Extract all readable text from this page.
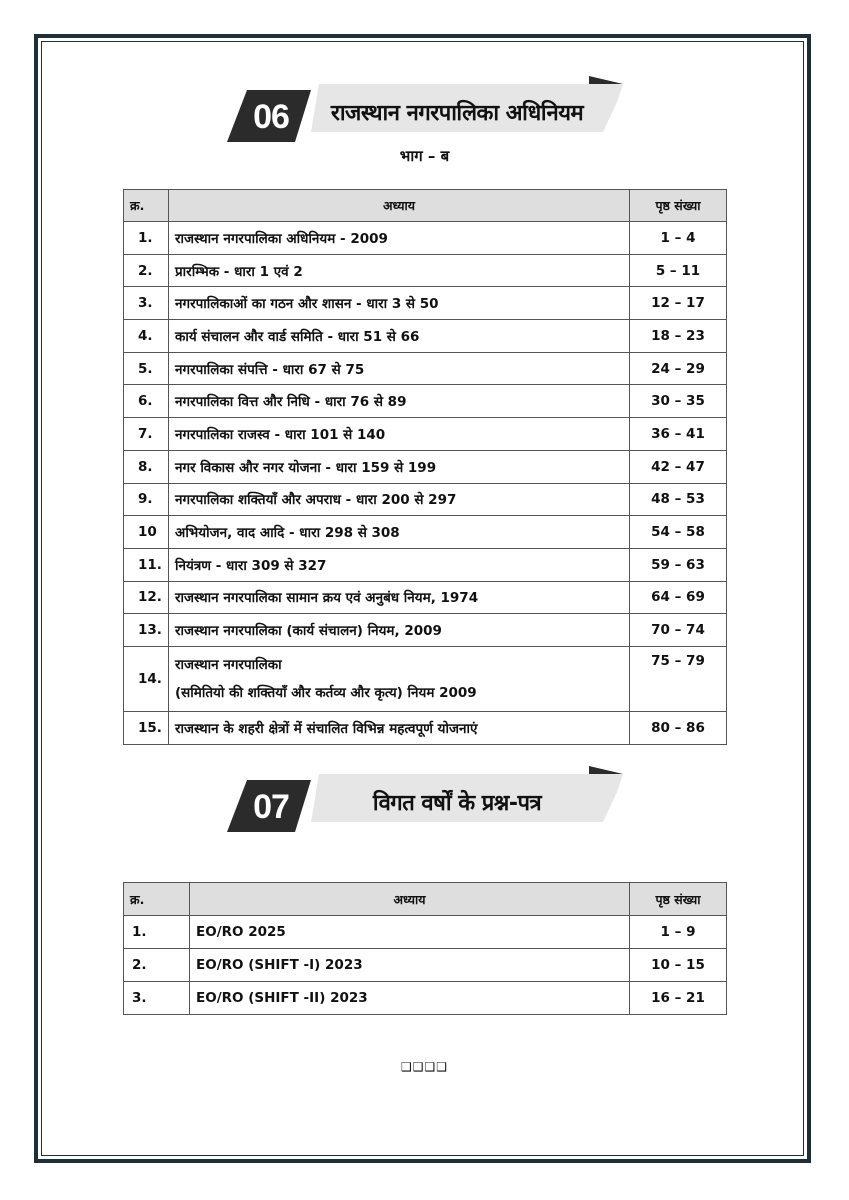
06	राजस्थान नगरपालिका अधिनियम
भाग – ब
क्र.	अध्याय	पृष्ठ संख्या
1.	राजस्थान नगरपालिका अधिनियम - 2009	1 – 4
2.	प्रारम्भिक - धारा 1 एवं 2	5 – 11
3.	नगरपालिकाओं का गठन और शासन - धारा 3 से 50	12 – 17
4.	कार्य संचालन और वार्ड समिति - धारा 51 से 66	18 – 23
5.	नगरपालिका संपत्ति - धारा 67 से 75	24 – 29
6.	नगरपालिका वित्त और निधि - धारा 76 से 89	30 – 35
7.	नगरपालिका राजस्व - धारा 101 से 140	36 – 41
8.	नगर विकास और नगर योजना - धारा 159 से 199	42 – 47
9.	नगरपालिका शक्तियाँ और अपराध - धारा 200 से 297	48 – 53
10	अभियोजन, वाद आदि - धारा 298 से 308	54 – 58
11.	नियंत्रण - धारा 309 से 327	59 – 63
12.	राजस्थान नगरपालिका सामान क्रय एवं अनुबंध नियम, 1974	64 – 69
13.	राजस्थान नगरपालिका (कार्य संचालन) नियम, 2009	70 – 74
14.	राजस्थान नगरपालिका
(समितियो की शक्तियाँ और कर्तव्य और कृत्य) नियम 2009	75 – 79
15.	राजस्थान के शहरी क्षेत्रों में संचालित विभिन्न महत्वपूर्ण योजनाएं	80 – 86
07	विगत वर्षों के प्रश्न-पत्र
क्र.	अध्याय	पृष्ठ संख्या
1.	EO/RO 2025	1 – 9
2.	EO/RO (SHIFT -I) 2023	10 – 15
3.	EO/RO (SHIFT -II) 2023	16 – 21
❑❑❑❑
